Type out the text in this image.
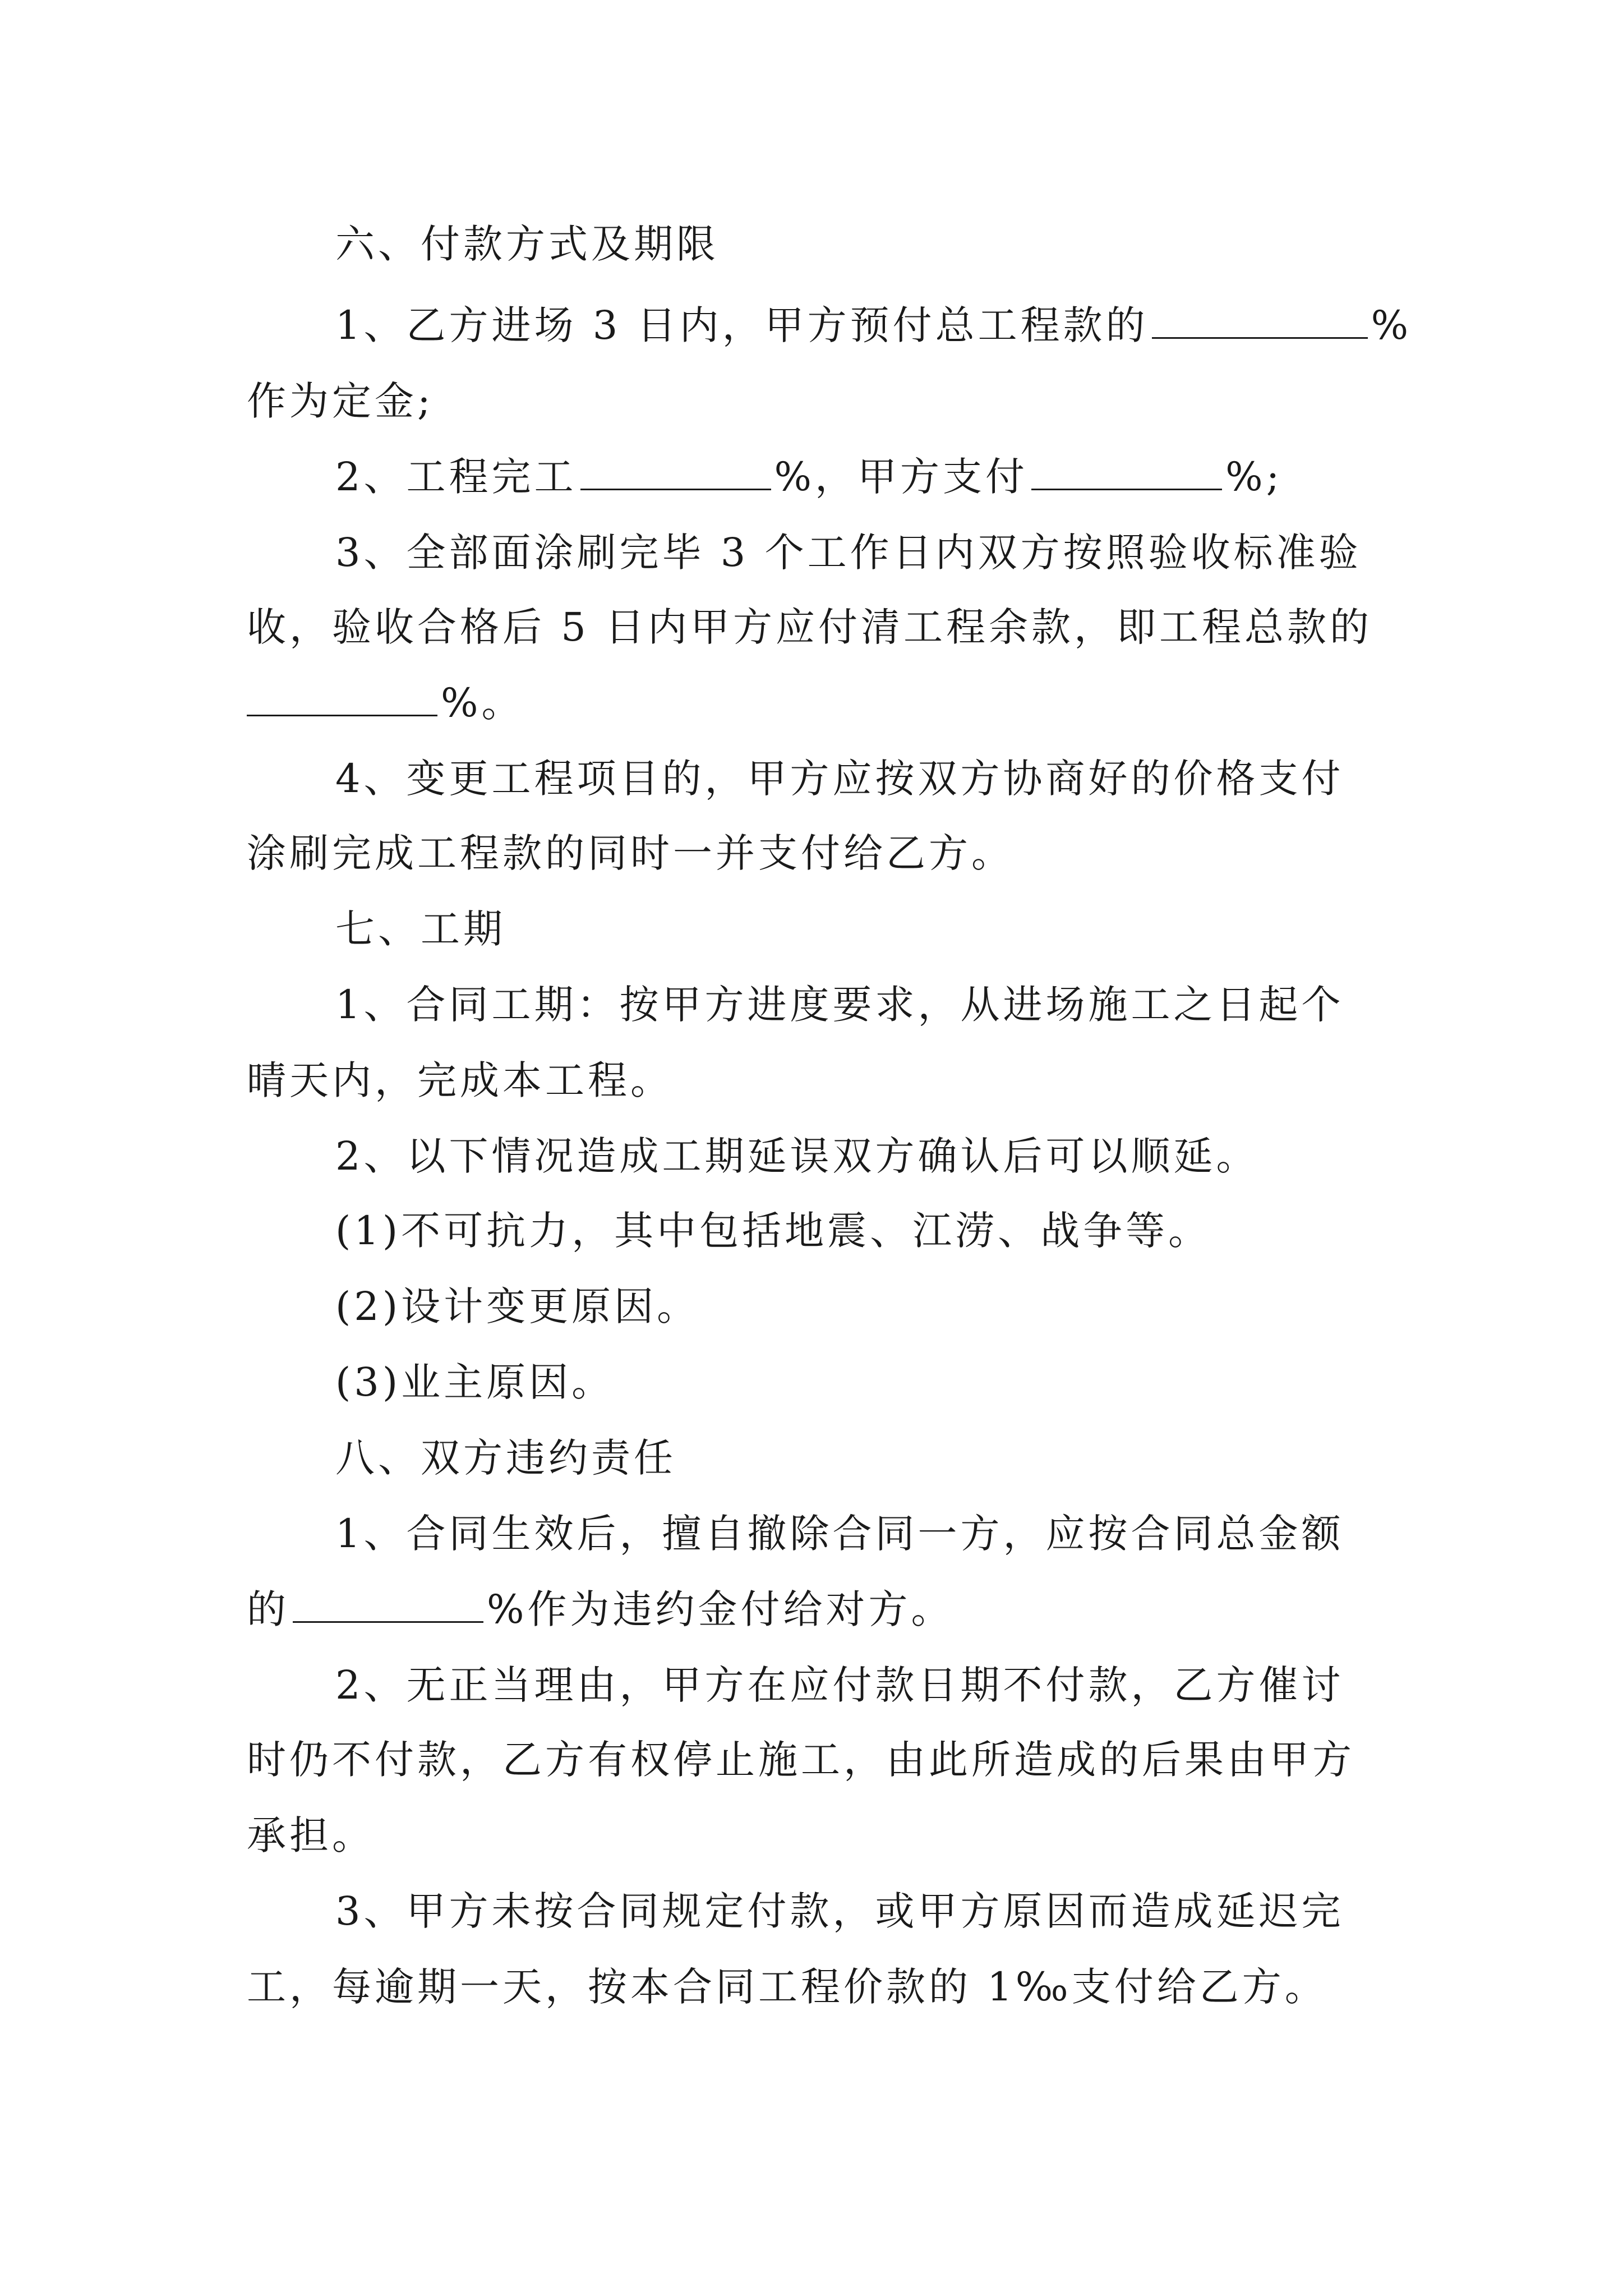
六、付款方式及期限
1、乙方进场 3 日内，甲方预付总工程款的	%
作为定金;
2、工程完工	%，甲方支付	%;
3、全部面涂刷完毕 3 个工作日内双方按照验收标准验
收，验收合格后 5 日内甲方应付清工程余款，即工程总款的
%。
4、变更工程项目的，甲方应按双方协商好的价格支付
涂刷完成工程款的同时一并支付给乙方。
七、工期
1、合同工期：按甲方进度要求，从进场施工之日起个
晴天内，完成本工程。
2、以下情况造成工期延误双方确认后可以顺延。
(1)不可抗力，其中包括地震、江涝、战争等。
(2)设计变更原因。
(3)业主原因。
八、双方违约责任
1、合同生效后，擅自撤除合同一方，应按合同总金额
的	%作为违约金付给对方。
2、无正当理由，甲方在应付款日期不付款，乙方催讨
时仍不付款，乙方有权停止施工，由此所造成的后果由甲方
承担。
3、甲方未按合同规定付款，或甲方原因而造成延迟完
工，每逾期一天，按本合同工程价款的 1‰支付给乙方。
